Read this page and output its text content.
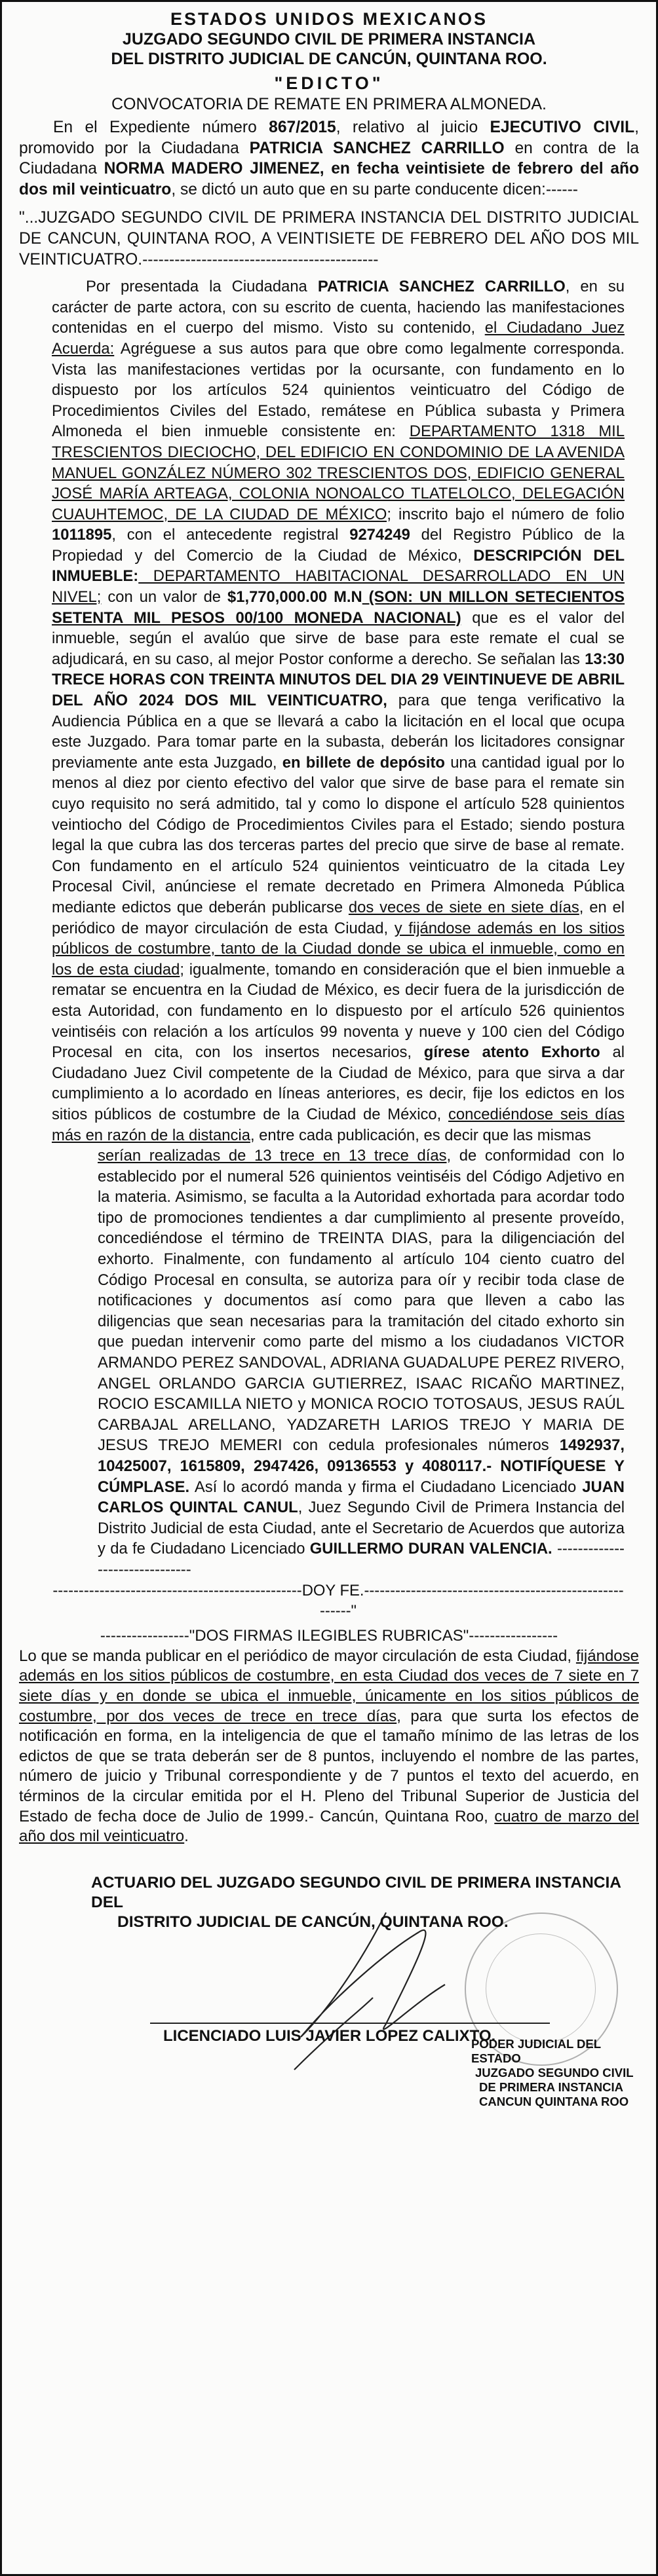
ESTADOS UNIDOS MEXICANOS
JUZGADO SEGUNDO CIVIL DE PRIMERA INSTANCIA
DEL DISTRITO JUDICIAL DE CANCÚN, QUINTANA ROO.
"EDICTO"
CONVOCATORIA DE REMATE EN PRIMERA ALMONEDA.

En el Expediente número 867/2015, relativo al juicio EJECUTIVO CIVIL, promovido por la Ciudadana PATRICIA SANCHEZ CARRILLO en contra de la Ciudadana NORMA MADERO JIMENEZ, en fecha veintisiete de febrero del año dos mil veinticuatro, se dictó un auto que en su parte conducente dicen:------

"...JUZGADO SEGUNDO CIVIL DE PRIMERA INSTANCIA DEL DISTRITO JUDICIAL DE CANCUN, QUINTANA ROO, A VEINTISIETE DE FEBRERO DEL AÑO DOS MIL VEINTICUATRO.--------------------------------------------

Por presentada la Ciudadana PATRICIA SANCHEZ CARRILLO, en su carácter de parte actora, con su escrito de cuenta, haciendo las manifestaciones contenidas en el cuerpo del mismo. Visto su contenido, el Ciudadano Juez Acuerda: Agréguese a sus autos para que obre como legalmente corresponda. Vista las manifestaciones vertidas por la ocursante, con fundamento en lo dispuesto por los artículos 524 quinientos veinticuatro del Código de Procedimientos Civiles del Estado, remátese en Pública subasta y Primera Almoneda el bien inmueble consistente en: DEPARTAMENTO 1318 MIL TRESCIENTOS DIECIOCHO, DEL EDIFICIO EN CONDOMINIO DE LA AVENIDA MANUEL GONZÁLEZ NÚMERO 302 TRESCIENTOS DOS, EDIFICIO GENERAL JOSÉ MARÍA ARTEAGA, COLONIA NONOALCO TLATELOLCO, DELEGACIÓN CUAUHTEMOC, DE LA CIUDAD DE MÉXICO; inscrito bajo el número de folio 1011895, con el antecedente registral 9274249 del Registro Público de la Propiedad y del Comercio de la Ciudad de México, DESCRIPCIÓN DEL INMUEBLE: DEPARTAMENTO HABITACIONAL DESARROLLADO EN UN NIVEL; con un valor de $1,770,000.00 M.N (SON: UN MILLON SETECIENTOS SETENTA MIL PESOS 00/100 MONEDA NACIONAL) que es el valor del inmueble, según el avalúo que sirve de base para este remate el cual se adjudicará, en su caso, al mejor Postor conforme a derecho. Se señalan las 13:30 TRECE HORAS CON TREINTA MINUTOS DEL DIA 29 VEINTINUEVE DE ABRIL DEL AÑO 2024 DOS MIL VEINTICUATRO, para que tenga verificativo la Audiencia Pública en a que se llevará a cabo la licitación en el local que ocupa este Juzgado. Para tomar parte en la subasta, deberán los licitadores consignar previamente ante esta Juzgado, en billete de depósito una cantidad igual por lo menos al diez por ciento efectivo del valor que sirve de base para el remate sin cuyo requisito no será admitido, tal y como lo dispone el artículo 528 quinientos veintiocho del Código de Procedimientos Civiles para el Estado; siendo postura legal la que cubra las dos terceras partes del precio que sirve de base al remate. Con fundamento en el artículo 524 quinientos veinticuatro de la citada Ley Procesal Civil, anúnciese el remate decretado en Primera Almoneda Pública mediante edictos que deberán publicarse dos veces de siete en siete días, en el periódico de mayor circulación de esta Ciudad, y fijándose además en los sitios públicos de costumbre, tanto de la Ciudad donde se ubica el inmueble, como en los de esta ciudad; igualmente, tomando en consideración que el bien inmueble a rematar se encuentra en la Ciudad de México, es decir fuera de la jurisdicción de esta Autoridad, con fundamento en lo dispuesto por el artículo 526 quinientos veintiséis con relación a los artículos 99 noventa y nueve y 100 cien del Código Procesal en cita, con los insertos necesarios, gírese atento Exhorto al Ciudadano Juez Civil competente de la Ciudad de México, para que sirva a dar cumplimiento a lo acordado en líneas anteriores, es decir, fije los edictos en los sitios públicos de costumbre de la Ciudad de México, concediéndose seis días más en razón de la distancia, entre cada publicación, es decir que las mismas

serían realizadas de 13 trece en 13 trece días, de conformidad con lo establecido por el numeral 526 quinientos veintiséis del Código Adjetivo en la materia. Asimismo, se faculta a la Autoridad exhortada para acordar todo tipo de promociones tendientes a dar cumplimiento al presente proveído, concediéndose el término de TREINTA DIAS, para la diligenciación del exhorto. Finalmente, con fundamento al artículo 104 ciento cuatro del Código Procesal en consulta, se autoriza para oír y recibir toda clase de notificaciones y documentos así como para que lleven a cabo las diligencias que sean necesarias para la tramitación del citado exhorto sin que puedan intervenir como parte del mismo a los ciudadanos VICTOR ARMANDO PEREZ SANDOVAL, ADRIANA GUADALUPE PEREZ RIVERO, ANGEL ORLANDO GARCIA GUTIERREZ, ISAAC RICAÑO MARTINEZ, ROCIO ESCAMILLA NIETO y MONICA ROCIO TOTOSAUS, JESUS RAÚL CARBAJAL ARELLANO, YADZARETH LARIOS TREJO Y MARIA DE JESUS TREJO MEMERI con cedula profesionales números 1492937, 10425007, 1615809, 2947426, 09136553 y 4080117.- NOTIFÍQUESE Y CÚMPLASE. Así lo acordó manda y firma el Ciudadano Licenciado JUAN CARLOS QUINTAL CANUL, Juez Segundo Civil de Primera Instancia del Distrito Judicial de esta Ciudad, ante el Secretario de Acuerdos que autoriza y da fe Ciudadano Licenciado GUILLERMO DURAN VALENCIA. -------------------------------

------------------------------------------------DOY FE.--------------------------------------------------------"

-----------------"DOS FIRMAS ILEGIBLES RUBRICAS"-----------------

Lo que se manda publicar en el periódico de mayor circulación de esta Ciudad, fijándose además en los sitios públicos de costumbre, en esta Ciudad dos veces de 7 siete en 7 siete días y en donde se ubica el inmueble, únicamente en los sitios públicos de costumbre, por dos veces de trece en trece días, para que surta los efectos de notificación en forma, en la inteligencia de que el tamaño mínimo de las letras de los edictos de que se trata deberán ser de 8 puntos, incluyendo el nombre de las partes, número de juicio y Tribunal correspondiente y de 7 puntos el texto del acuerdo, en términos de la circular emitida por el H. Pleno del Tribunal Superior de Justicia del Estado de fecha doce de Julio de 1999.- Cancún, Quintana Roo, cuatro de marzo del año dos mil veinticuatro.

ACTUARIO DEL JUZGADO SEGUNDO CIVIL DE PRIMERA INSTANCIA DEL
DISTRITO JUDICIAL DE CANCÚN, QUINTANA ROO.
LICENCIADO LUIS JAVIER LOPEZ CALIXTO.
PODER JUDICIAL DEL ESTADO
JUZGADO SEGUNDO CIVIL
DE PRIMERA INSTANCIA
CANCUN QUINTANA ROO
